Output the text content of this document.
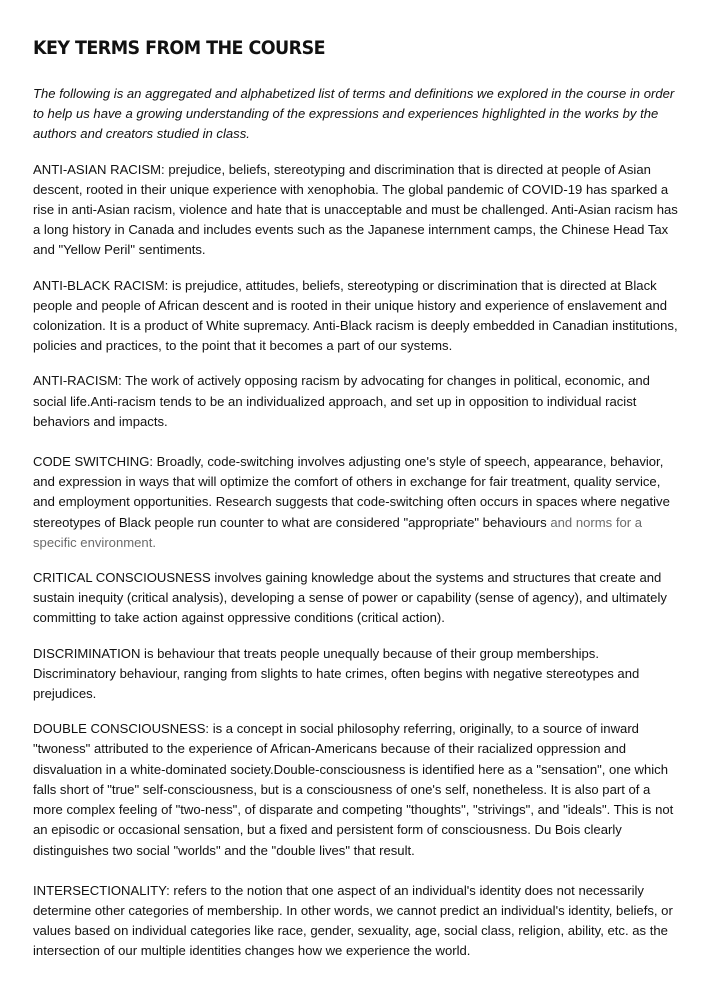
KEY TERMS FROM THE COURSE

The following is an aggregated and alphabetized list of terms and definitions we explored in the course in order to help us have a growing understanding of the expressions and experiences highlighted in the works by the authors and creators studied in class.

ANTI-ASIAN RACISM: prejudice, beliefs, stereotyping and discrimination that is directed at people of Asian descent, rooted in their unique experience with xenophobia. The global pandemic of COVID-19 has sparked a rise in anti-Asian racism, violence and hate that is unacceptable and must be challenged. Anti-Asian racism has a long history in Canada and includes events such as the Japanese internment camps, the Chinese Head Tax and "Yellow Peril" sentiments.

ANTI-BLACK RACISM: is prejudice, attitudes, beliefs, stereotyping or discrimination that is directed at Black people and people of African descent and is rooted in their unique history and experience of enslavement and colonization. It is a product of White supremacy. Anti-Black racism is deeply embedded in Canadian institutions, policies and practices, to the point that it becomes a part of our systems.

ANTI-RACISM: The work of actively opposing racism by advocating for changes in political, economic, and social life.Anti-racism tends to be an individualized approach, and set up in opposition to individual racist behaviors and impacts.

CODE SWITCHING: Broadly, code-switching involves adjusting one's style of speech, appearance, behavior, and expression in ways that will optimize the comfort of others in exchange for fair treatment, quality service, and employment opportunities. Research suggests that code-switching often occurs in spaces where negative stereotypes of Black people run counter to what are considered "appropriate" behaviours and norms for a specific environment.

CRITICAL CONSCIOUSNESS involves gaining knowledge about the systems and structures that create and sustain inequity (critical analysis), developing a sense of power or capability (sense of agency), and ultimately committing to take action against oppressive conditions (critical action).

DISCRIMINATION is behaviour that treats people unequally because of their group memberships. Discriminatory behaviour, ranging from slights to hate crimes, often begins with negative stereotypes and prejudices.

DOUBLE CONSCIOUSNESS: is a concept in social philosophy referring, originally, to a source of inward "twoness" attributed to the experience of African-Americans because of their racialized oppression and disvaluation in a white-dominated society.Double-consciousness is identified here as a "sensation", one which falls short of "true" self-consciousness, but is a consciousness of one's self, nonetheless. It is also part of a more complex feeling of "two-ness", of disparate and competing "thoughts", "strivings", and "ideals". This is not an episodic or occasional sensation, but a fixed and persistent form of consciousness. Du Bois clearly distinguishes two social "worlds" and the "double lives" that result.

INTERSECTIONALITY: refers to the notion that one aspect of an individual's identity does not necessarily determine other categories of membership. In other words, we cannot predict an individual's identity, beliefs, or values based on individual categories like race, gender, sexuality, age, social class, religion, ability, etc. as the intersection of our multiple identities changes how we experience the world.
